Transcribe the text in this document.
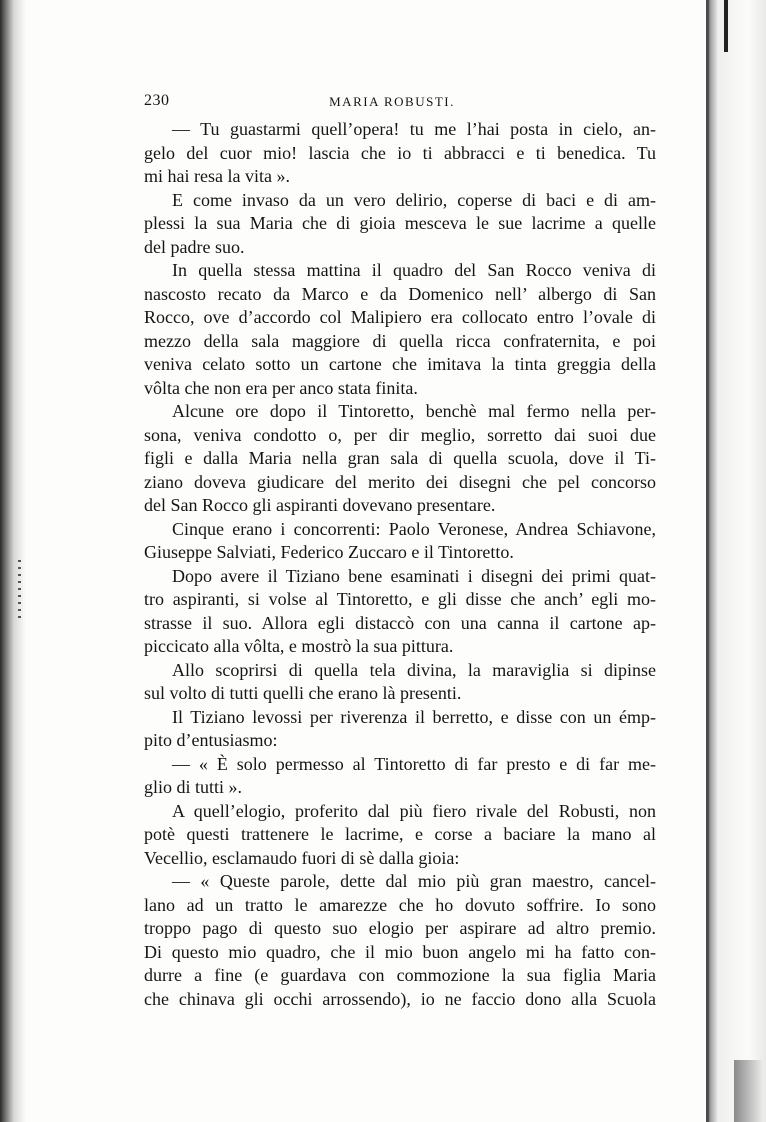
230	MARIA ROBUSTI.
— Tu guastarmi quell’opera! tu me l’hai posta in cielo, an-
gelo del cuor mio! lascia che io ti abbracci e ti benedica. Tu
mi hai resa la vita ».
E come invaso da un vero delirio, coperse di baci e di am-
plessi la sua Maria che di gioia mesceva le sue lacrime a quelle
del padre suo.
In quella stessa mattina il quadro del San Rocco veniva di
nascosto recato da Marco e da Domenico nell’ albergo di San
Rocco, ove d’accordo col Malipiero era collocato entro l’ovale di
mezzo della sala maggiore di quella ricca confraternita, e poi
veniva celato sotto un cartone che imitava la tinta greggia della
vôlta che non era per anco stata finita.
Alcune ore dopo il Tintoretto, benchè mal fermo nella per-
sona, veniva condotto o, per dir meglio, sorretto dai suoi due
figli e dalla Maria nella gran sala di quella scuola, dove il Ti-
ziano doveva giudicare del merito dei disegni che pel concorso
del San Rocco gli aspiranti dovevano presentare.
Cinque erano i concorrenti: Paolo Veronese, Andrea Schiavone,
Giuseppe Salviati, Federico Zuccaro e il Tintoretto.
Dopo avere il Tiziano bene esaminati i disegni dei primi quat-
tro aspiranti, si volse al Tintoretto, e gli disse che anch’ egli mo-
strasse il suo. Allora egli distaccò con una canna il cartone ap-
piccicato alla vôlta, e mostrò la sua pittura.
Allo scoprirsi di quella tela divina, la maraviglia si dipinse
sul volto di tutti quelli che erano là presenti.
Il Tiziano levossi per riverenza il berretto, e disse con un émp-
pito d’entusiasmo:
— « È solo permesso al Tintoretto di far presto e di far me-
glio di tutti ».
A quell’elogio, proferito dal più fiero rivale del Robusti, non
potè questi trattenere le lacrime, e corse a baciare la mano al
Vecellio, esclamaudo fuori di sè dalla gioia:
— « Queste parole, dette dal mio più gran maestro, cancel-
lano ad un tratto le amarezze che ho dovuto soffrire. Io sono
troppo pago di questo suo elogio per aspirare ad altro premio.
Di questo mio quadro, che il mio buon angelo mi ha fatto con-
durre a fine (e guardava con commozione la sua figlia Maria
che chinava gli occhi arrossendo), io ne faccio dono alla Scuola
